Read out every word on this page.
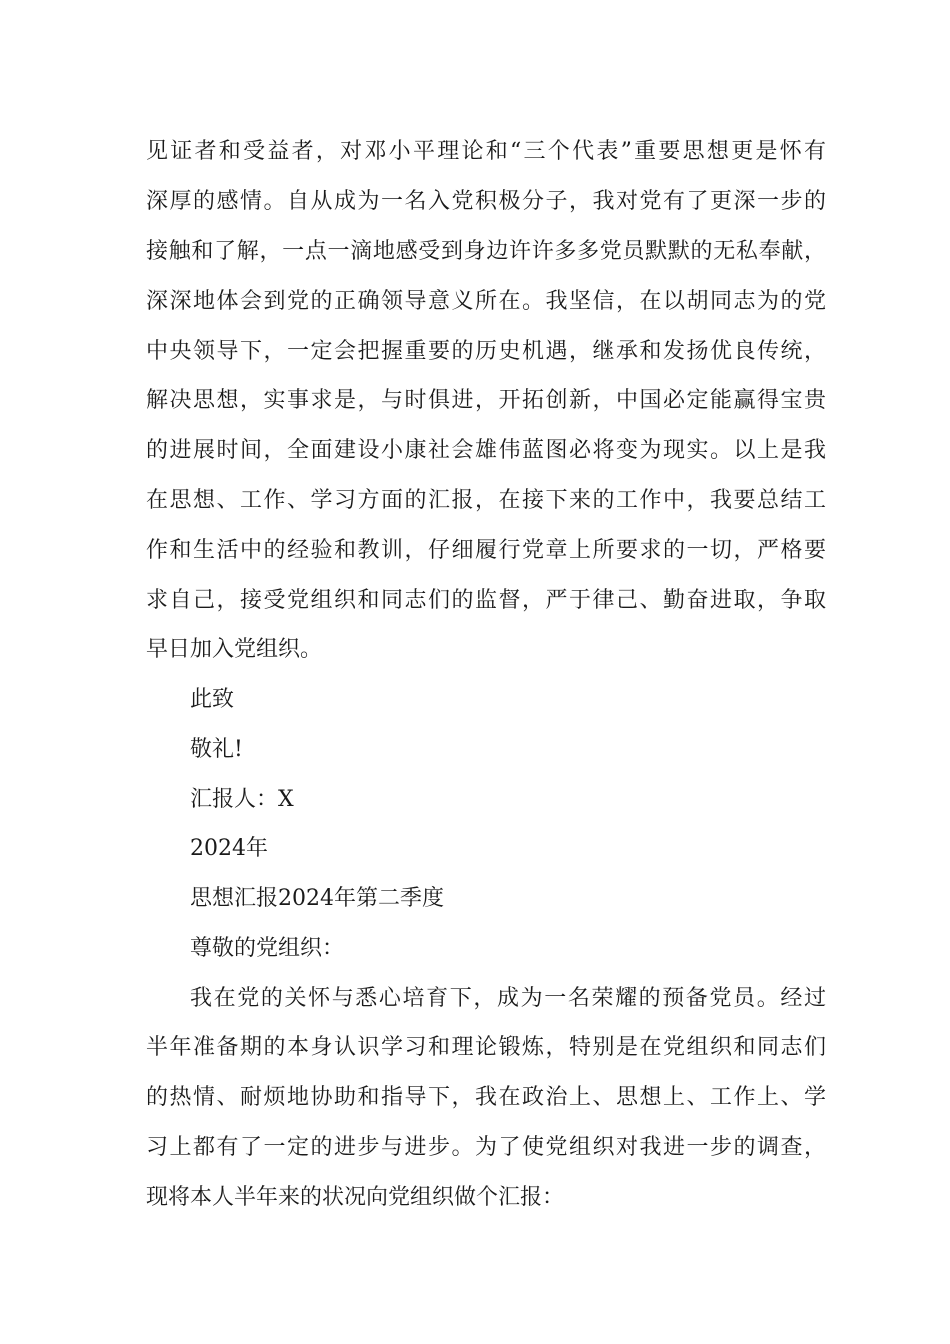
见证者和受益者，对邓小平理论和“三个代表”重要思想更是怀有
深厚的感情。自从成为一名入党积极分子，我对党有了更深一步的
接触和了解，一点一滴地感受到身边许许多多党员默默的无私奉献，
深深地体会到党的正确领导意义所在。我坚信，在以胡同志为的党
中央领导下，一定会把握重要的历史机遇，继承和发扬优良传统，
解决思想，实事求是，与时俱进，开拓创新，中国必定能赢得宝贵
的进展时间，全面建设小康社会雄伟蓝图必将变为现实。以上是我
在思想、工作、学习方面的汇报，在接下来的工作中，我要总结工
作和生活中的经验和教训，仔细履行党章上所要求的一切，严格要
求自己，接受党组织和同志们的监督，严于律己、勤奋进取，争取
早日加入党组织。
此致
敬礼!
汇报人：X
2024年
思想汇报2024年第二季度
尊敬的党组织：
我在党的关怀与悉心培育下，成为一名荣耀的预备党员。经过
半年准备期的本身认识学习和理论锻炼，特别是在党组织和同志们
的热情、耐烦地协助和指导下，我在政治上、思想上、工作上、学
习上都有了一定的进步与进步。为了使党组织对我进一步的调查，
现将本人半年来的状况向党组织做个汇报：
